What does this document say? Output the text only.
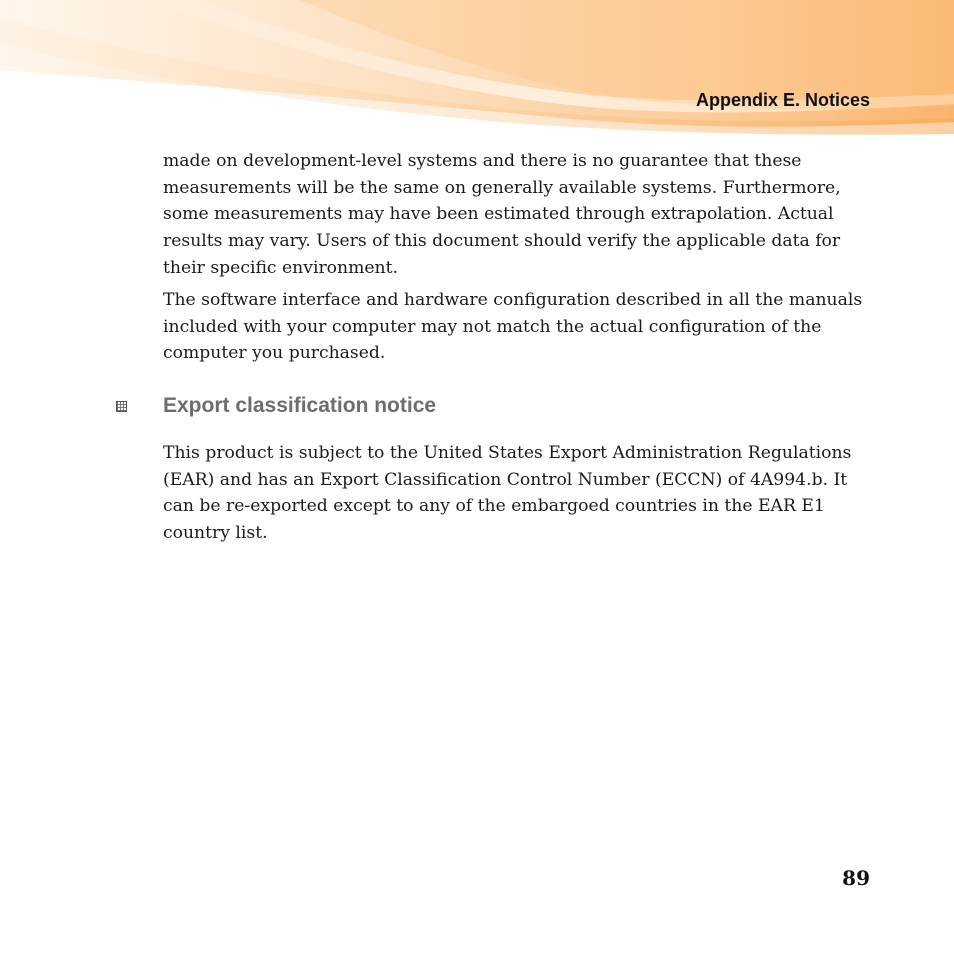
Appendix E. Notices

made on development-level systems and there is no guarantee that these measurements will be the same on generally available systems. Furthermore, some measurements may have been estimated through extrapolation. Actual results may vary. Users of this document should verify the applicable data for their specific environment.

The software interface and hardware configuration described in all the manuals included with your computer may not match the actual configuration of the computer you purchased.

Export classification notice

This product is subject to the United States Export Administration Regulations (EAR) and has an Export Classification Control Number (ECCN) of 4A994.b. It can be re-exported except to any of the embargoed countries in the EAR E1 country list.

89
